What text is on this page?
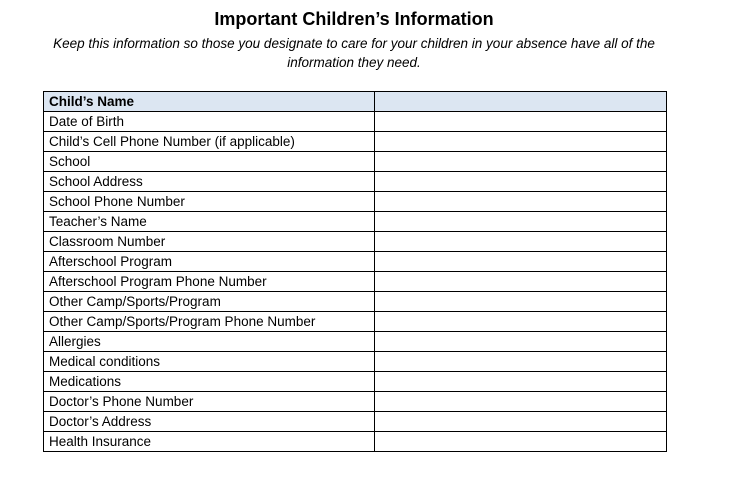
Important Children’s Information
Keep this information so those you designate to care for your children in your absence have all of the information they need.
Child’s Name	
Date of Birth	
Child’s Cell Phone Number (if applicable)	
School	
School Address	
School Phone Number	
Teacher’s Name	
Classroom Number	
Afterschool Program	
Afterschool Program Phone Number	
Other Camp/Sports/Program	
Other Camp/Sports/Program Phone Number	
Allergies	
Medical conditions	
Medications	
Doctor’s Phone Number	
Doctor’s Address	
Health Insurance	
